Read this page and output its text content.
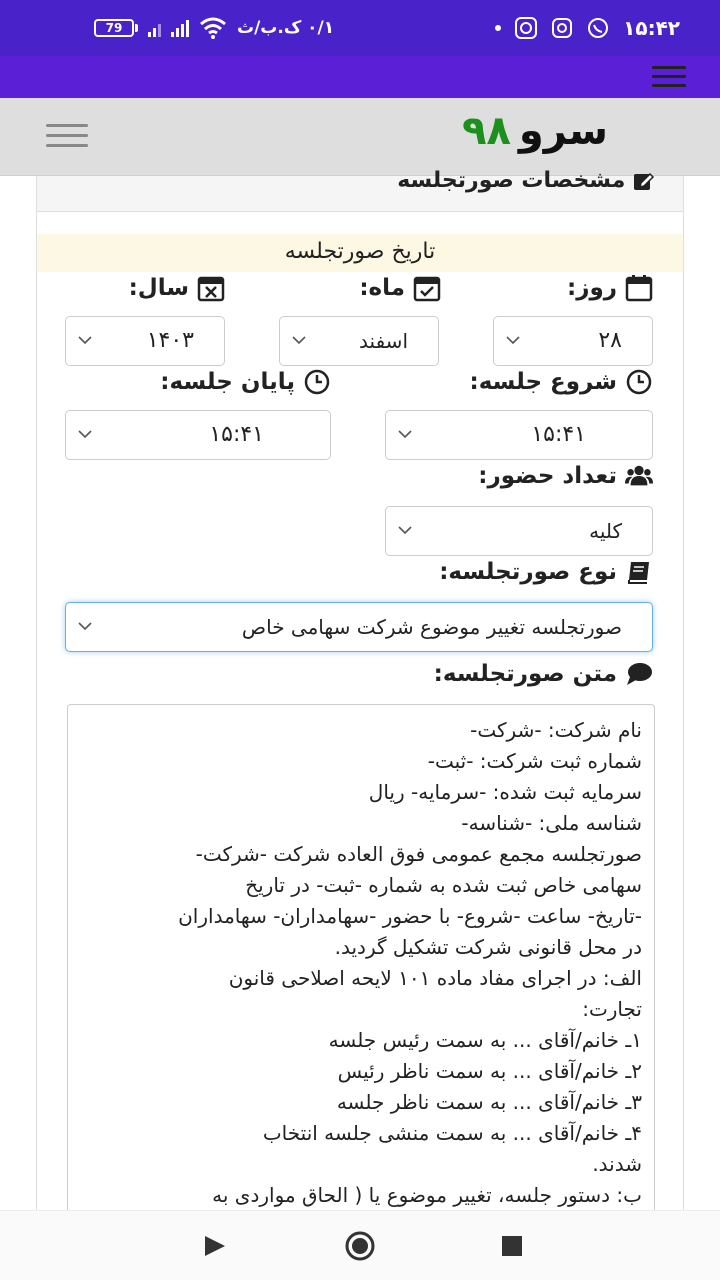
79	۰/۱ ک.ب/ث	۱۵:۴۲
سرو۹۸
مشخصات صورتجلسه
تاریخ صورتجلسه
روز:
ماه:
سال:
۲۸
اسفند
۱۴۰۳
شروع جلسه:
پایان جلسه:
۱۵:۴۱
۱۵:۴۱
تعداد حضور:
کلیه
نوع صورتجلسه:
صورتجلسه تغییر موضوع شرکت سهامی خاص
متن صورتجلسه:
نام شرکت: -شرکت-
شماره ثبت شرکت: -ثبت-
سرمایه ثبت شده: -سرمایه- ریال
شناسه ملی: -شناسه-
صورتجلسه مجمع عمومی فوق العاده شرکت -شرکت-
سهامی خاص ثبت شده به شماره -ثبت- در تاریخ
-تاریخ- ساعت -شروع- با حضور -سهامداران- سهامداران
در محل قانونی شرکت تشکیل گردید.
الف: در اجرای مفاد ماده ۱۰۱ لایحه اصلاحی قانون
تجارت:
۱ـ خانم/آقای ... به سمت رئیس جلسه
۲ـ خانم/آقای ... به سمت ناظر رئیس
۳ـ خانم/آقای ... به سمت ناظر جلسه
۴ـ خانم/آقای ... به سمت منشی جلسه انتخاب
شدند.
ب: دستور جلسه، تغییر موضوع یا ( الحاق مواردی به
